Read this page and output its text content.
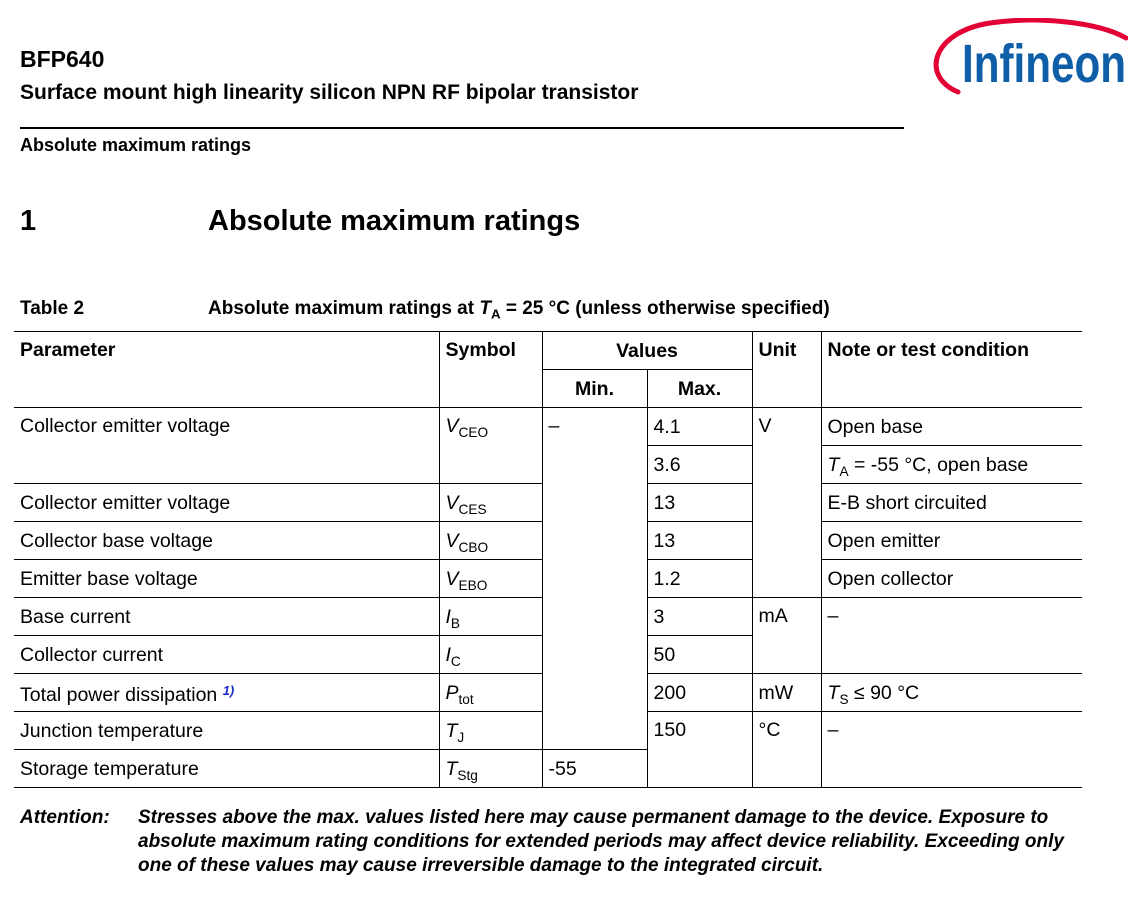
BFP640
Surface mount high linearity silicon NPN RF bipolar transistor	Infineon
Absolute maximum ratings
1	Absolute maximum ratings
Table 2	Absolute maximum ratings at $T_A = 25$ °C (unless otherwise specified)
Parameter	Symbol	Values		Unit	Note or test condition
		Min.	Max.		
Collector emitter voltage	$V_{CEO}$	–	4.1	V	Open base
			3.6		$T_A = -55$ °C, open base
Collector emitter voltage	$V_{CES}$		13		E-B short circuited
Collector base voltage	$V_{CBO}$		13		Open emitter
Emitter base voltage	$V_{EBO}$		1.2		Open collector
Base current	$I_B$		3	mA	–
Collector current	$I_C$		50		
Total power dissipation $^{1)}$	$P_{tot}$		200	mW	$T_S \le 90$ °C
Junction temperature	$T_J$		150	°C	–
Storage temperature	$T_{Stg}$	-55			
Attention: Stresses above the max. values listed here may cause permanent damage to the device. Exposure to absolute maximum rating conditions for extended periods may affect device reliability. Exceeding only one of these values may cause irreversible damage to the integrated circuit.
